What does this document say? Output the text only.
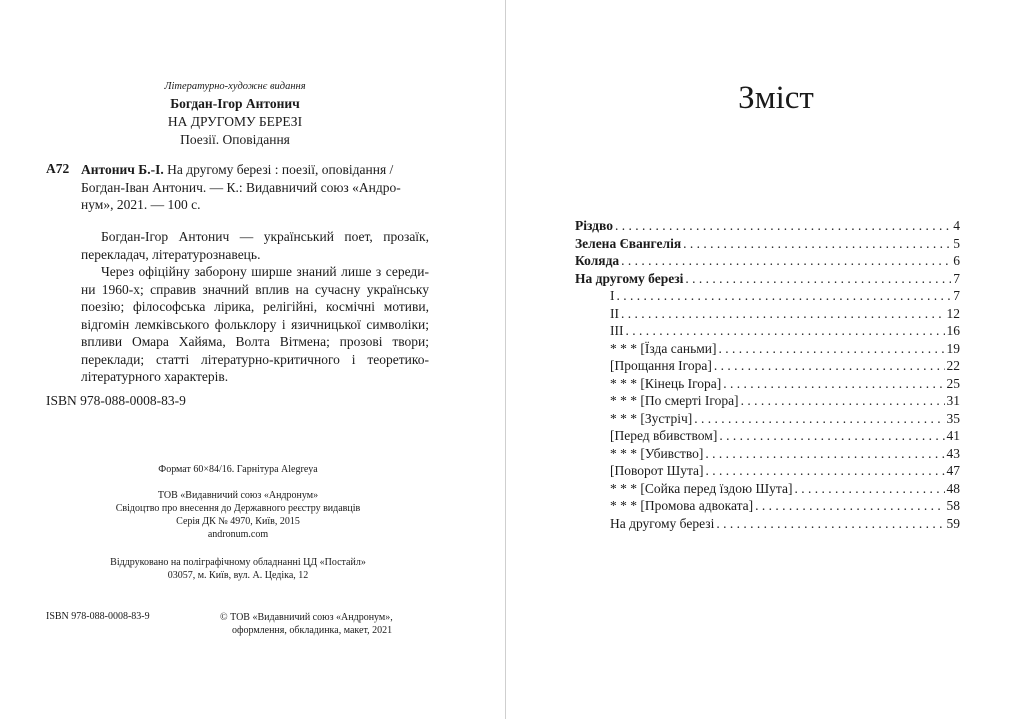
Літературно-художнє видання
Богдан-Ігор Антонич
НА ДРУГОМУ БЕРЕЗІ
Поезії. Оповідання
А72 Антонич Б.-І. На другому березі : поезії, оповідання / Богдан-Іван Антонич. — К.: Видавничий союз «Андро-нум», 2021. — 100 с.

Богдан-Ігор Антонич — український поет, прозаїк, перекладач, літературознавець.

Через офіційну заборону ширше знаний лише з середи-ни 1960-х; справив значний вплив на сучасну українську поезію; філософська лірика, релігійні, космічні мотиви, відгомін лемківського фольклору і язичницької символіки; впливи Омара Хайяма, Волта Вітмена; прозові твори; переклади; статті літературно-критичного і теоретико-літературного характерів.

ISBN 978-088-0008-83-9
Формат 60×84/16. Гарнітура Alegreya
ТОВ «Видавничий союз «Андронум»
Свідоцтво про внесення до Державного реєстру видавців
Серія ДК № 4970, Київ, 2015
andronum.com
Віддруковано на поліграфічному обладнанні ЦД «Постайл»
03057, м. Київ, вул. А. Цедіка, 12
ISBN 978-088-0008-83-9	© ТОВ «Видавничий союз «Андронум»,
оформлення, обкладинка, макет, 2021
Зміст
Різдво . . .	4
Зелена Євангелія . . .	5
Коляда . . .	6
На другому березі . . .	7
I . . .	7
II . . .	12
III . . .	16
* * * [Їзда саньми] . . .	19
[Прощання Ігора] . . .	22
* * * [Кінець Ігора] . . .	25
* * * [По смерті Ігора] . . .	31
* * * [Зустріч] . . .	35
[Перед вбивством] . . .	41
* * * [Убивство] . . .	43
[Поворот Шута] . . .	47
* * * [Сойка перед їздою Шута] . . .	48
* * * [Промова адвоката] . . .	58
На другому березі . . .	59
